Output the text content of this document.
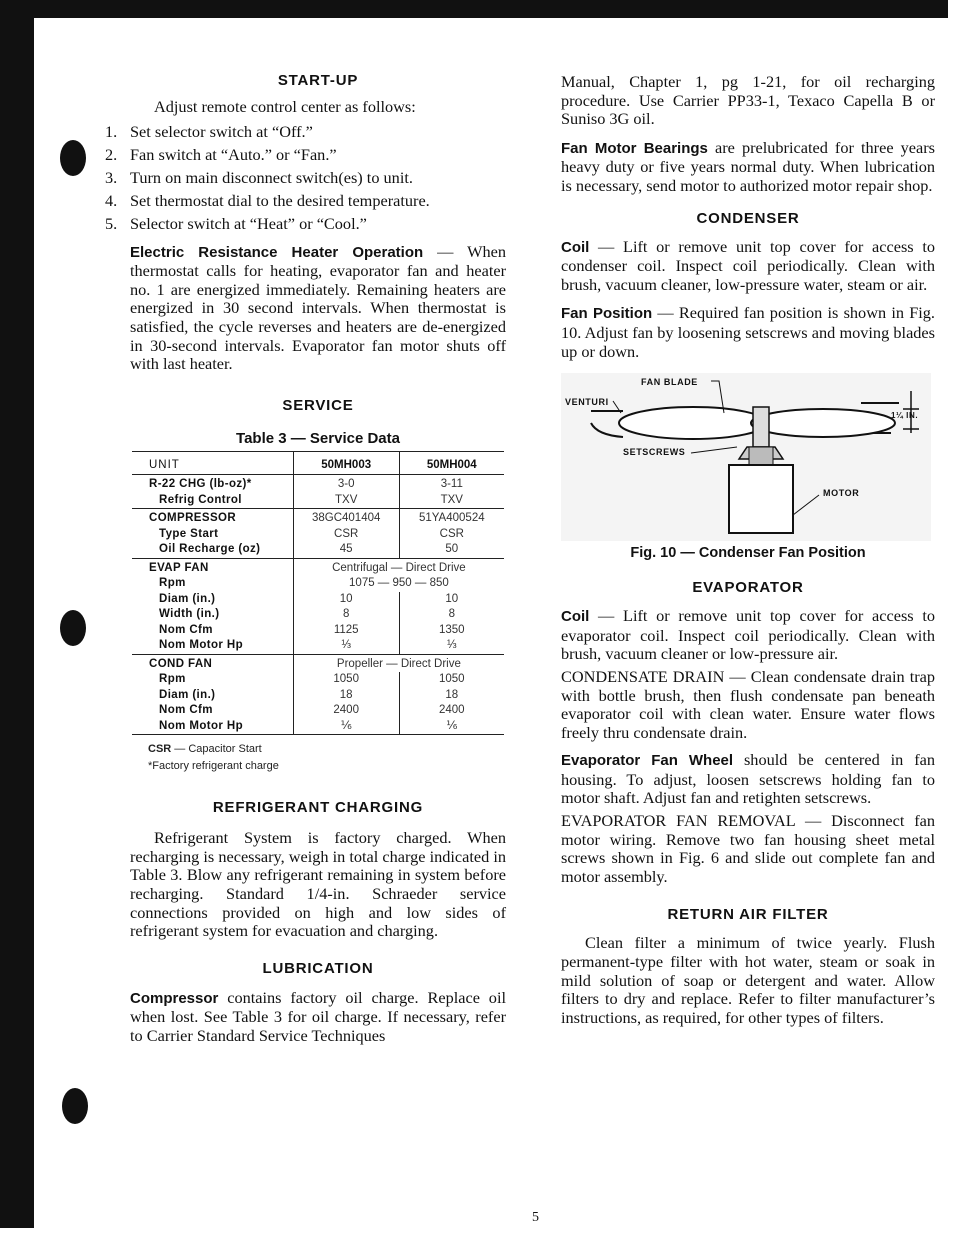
START-UP

Adjust remote control center as follows:

1. Set selector switch at “Off.”
2. Fan switch at “Auto.” or “Fan.”
3. Turn on main disconnect switch(es) to unit.
4. Set thermostat dial to the desired temperature.
5. Selector switch at “Heat” or “Cool.”

Electric Resistance Heater Operation — When thermostat calls for heating, evaporator fan and heater no. 1 are energized immediately. Remaining heaters are energized in 30 second intervals. When thermostat is satisfied, the cycle reverses and heaters are de-energized in 30-second intervals. Evaporator fan motor shuts off with last heater.

SERVICE

Table 3 — Service Data

UNIT	50MH003	50MH004
R-22 CHG (lb-oz)*	3-0	3-11
Refrig Control	TXV	TXV
COMPRESSOR	38GC401404	51YA400524
Type Start	CSR	CSR
Oil Recharge (oz)	45	50
EVAP FAN	Centrifugal — Direct Drive	
Rpm	1075 — 950 — 850	
Diam (in.)	10	10
Width (in.)	8	8
Nom Cfm	1125	1350
Nom Motor Hp	⅓	⅓
COND FAN	Propeller — Direct Drive	
Rpm	1050	1050
Diam (in.)	18	18
Nom Cfm	2400	2400
Nom Motor Hp	⅙	⅙
CSR — Capacitor Start
*Factory refrigerant charge
REFRIGERANT CHARGING

Refrigerant System is factory charged. When recharging is necessary, weigh in total charge indicated in Table 3. Blow any refrigerant remaining in system before recharging. Standard 1/4-in. Schraeder service connections provided on high and low sides of refrigerant system for evacuation and charging.

LUBRICATION

Compressor contains factory oil charge. Replace oil when lost. See Table 3 for oil charge. If necessary, refer to Carrier Standard Service Techniques

Manual, Chapter 1, pg 1-21, for oil recharging procedure. Use Carrier PP33-1, Texaco Capella B or Suniso 3G oil.

Fan Motor Bearings are prelubricated for three years heavy duty or five years normal duty. When lubrication is necessary, send motor to authorized motor repair shop.

CONDENSER

Coil — Lift or remove unit top cover for access to condenser coil. Inspect coil periodically. Clean with brush, vacuum cleaner, low-pressure water, steam or air.

Fan Position — Required fan position is shown in Fig. 10. Adjust fan by loosening setscrews and moving blades up or down.

FAN BLADE
VENTURI
SETSCREWS
MOTOR
1¼ IN.

Fig. 10 — Condenser Fan Position

EVAPORATOR

Coil — Lift or remove unit top cover for access to evaporator coil. Inspect coil periodically. Clean with brush, vacuum cleaner or low-pressure air.

CONDENSATE DRAIN — Clean condensate drain trap with bottle brush, then flush condensate pan beneath evaporator coil with clean water. Ensure water flows freely thru condensate drain.

Evaporator Fan Wheel should be centered in fan housing. To adjust, loosen setscrews holding fan to motor shaft. Adjust fan and retighten setscrews.

EVAPORATOR FAN REMOVAL — Disconnect fan motor wiring. Remove two fan housing sheet metal screws shown in Fig. 6 and slide out complete fan and motor assembly.

RETURN AIR FILTER

Clean filter a minimum of twice yearly. Flush permanent-type filter with hot water, steam or soak in mild solution of soap or detergent and water. Allow filters to dry and replace. Refer to filter manufacturer’s instructions, as required, for other types of filters.

5
